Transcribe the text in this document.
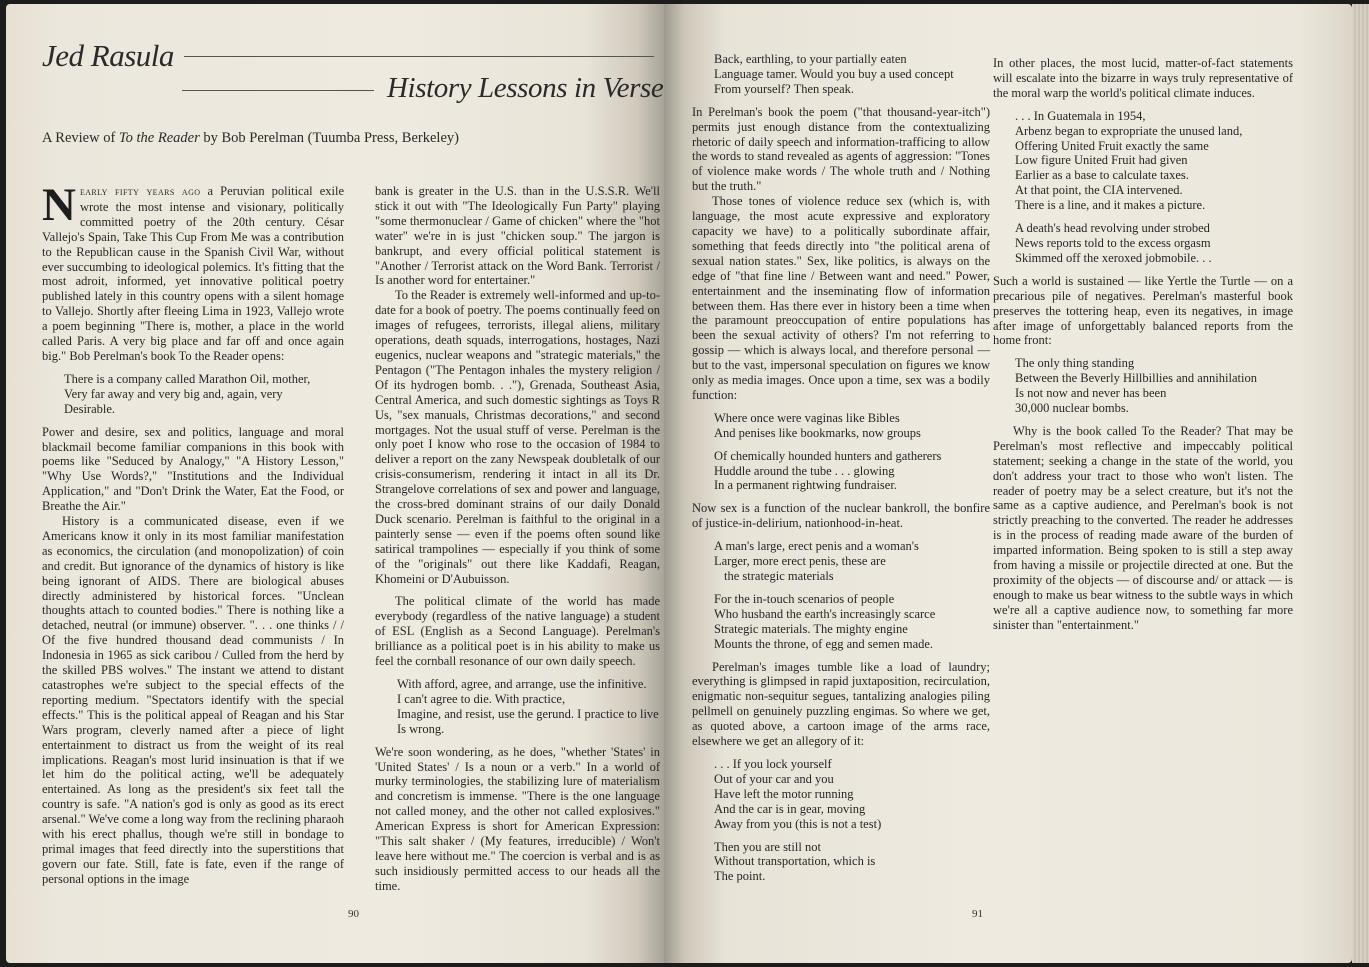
Jed Rasula
History Lessons in Verse
A Review of To the Reader by Bob Perelman (Tuumba Press, Berkeley)

Nearly fifty years ago a Peruvian political exile wrote the most intense and visionary, politically committed poetry of the 20th century. César Vallejo's Spain, Take This Cup From Me was a contribution to the Republican cause in the Spanish Civil War, without ever succumbing to ideological polemics. It's fitting that the most adroit, informed, yet innovative political poetry published lately in this country opens with a silent homage to Vallejo. Shortly after fleeing Lima in 1923, Vallejo wrote a poem beginning "There is, mother, a place in the world called Paris. A very big place and far off and once again big." Bob Perelman's book To the Reader opens:

There is a company called Marathon Oil, mother,
Very far away and very big and, again, very
Desirable.

Power and desire, sex and politics, language and moral blackmail become familiar companions in this book with poems like "Seduced by Analogy," "A History Lesson," "Why Use Words?," "Institutions and the Individual Application," and "Don't Drink the Water, Eat the Food, or Breathe the Air."

History is a communicated disease, even if we Americans know it only in its most familiar manifestation as economics, the circulation (and monopolization) of coin and credit. But ignorance of the dynamics of history is like being ignorant of AIDS. There are biological abuses directly administered by historical forces. "Unclean thoughts attach to counted bodies." There is nothing like a detached, neutral (or immune) observer. ". . . one thinks / / Of the five hundred thousand dead communists / In Indonesia in 1965 as sick caribou / Culled from the herd by the skilled PBS wolves." The instant we attend to distant catastrophes we're subject to the special effects of the reporting medium. "Spectators identify with the special effects." This is the political appeal of Reagan and his Star Wars program, cleverly named after a piece of light entertainment to distract us from the weight of its real implications. Reagan's most lurid insinuation is that if we let him do the political acting, we'll be adequately entertained. As long as the president's six feet tall the country is safe. "A nation's god is only as good as its erect arsenal." We've come a long way from the reclining pharaoh with his erect phallus, though we're still in bondage to primal images that feed directly into the superstitions that govern our fate. Still, fate is fate, even if the range of personal options in the image

bank is greater in the U.S. than in the U.S.S.R. We'll stick it out with "The Ideologically Fun Party" playing "some thermonuclear / Game of chicken" where the "hot water" we're in is just "chicken soup." The jargon is bankrupt, and every official political statement is "Another / Terrorist attack on the Word Bank. Terrorist / Is another word for entertainer."

To the Reader is extremely well-informed and up-to-date for a book of poetry. The poems continually feed on images of refugees, terrorists, illegal aliens, military operations, death squads, interrogations, hostages, Nazi eugenics, nuclear weapons and "strategic materials," the Pentagon ("The Pentagon inhales the mystery religion / Of its hydrogen bomb. . ."), Grenada, Southeast Asia, Central America, and such domestic sightings as Toys R Us, "sex manuals, Christmas decorations," and second mortgages. Not the usual stuff of verse. Perelman is the only poet I know who rose to the occasion of 1984 to deliver a report on the zany Newspeak doubletalk of our crisis-consumerism, rendering it intact in all its Dr. Strangelove correlations of sex and power and language, the cross-bred dominant strains of our daily Donald Duck scenario. Perelman is faithful to the original in a painterly sense — even if the poems often sound like satirical trampolines — especially if you think of some of the "originals" out there like Kaddafi, Reagan, Khomeini or D'Aubuisson.

The political climate of the world has made everybody (regardless of the native language) a student of ESL (English as a Second Language). Perelman's brilliance as a political poet is in his ability to make us feel the cornball resonance of our own daily speech.

With afford, agree, and arrange, use the infinitive.
I can't agree to die. With practice,
Imagine, and resist, use the gerund. I practice to live
Is wrong.

We're soon wondering, as he does, "whether 'States' in 'United States' / Is a noun or a verb." In a world of murky terminologies, the stabilizing lure of materialism and concretism is immense. "There is the one language not called money, and the other not called explosives." American Express is short for American Expression: "This salt shaker / (My features, irreducible) / Won't leave here without me." The coercion is verbal and is as such insidiously permitted access to our heads all the time.

90
Back, earthling, to your partially eaten
Language tamer. Would you buy a used concept
From yourself? Then speak.

In Perelman's book the poem ("that thousand-year-itch") permits just enough distance from the contextualizing rhetoric of daily speech and information-trafficing to allow the words to stand revealed as agents of aggression: "Tones of violence make words / The whole truth and / Nothing but the truth."

Those tones of violence reduce sex (which is, with language, the most acute expressive and exploratory capacity we have) to a politically subordinate affair, something that feeds directly into "the political arena of sexual nation states." Sex, like politics, is always on the edge of "that fine line / Between want and need." Power, entertainment and the inseminating flow of information between them. Has there ever in history been a time when the paramount preoccupation of entire populations has been the sexual activity of others? I'm not referring to gossip — which is always local, and therefore personal — but to the vast, impersonal speculation on figures we know only as media images. Once upon a time, sex was a bodily function:

Where once were vaginas like Bibles
And penises like bookmarks, now groups
Of chemically hounded hunters and gatherers
Huddle around the tube . . . glowing
In a permanent rightwing fundraiser.

Now sex is a function of the nuclear bankroll, the bonfire of justice-in-delirium, nationhood-in-heat.

A man's large, erect penis and a woman's
Larger, more erect penis, these are
the strategic materials
For the in-touch scenarios of people
Who husband the earth's increasingly scarce
Strategic materials. The mighty engine
Mounts the throne, of egg and semen made.

Perelman's images tumble like a load of laundry; everything is glimpsed in rapid juxtaposition, recirculation, enigmatic non-sequitur segues, tantalizing analogies piling pellmell on genuinely puzzling engimas. So where we get, as quoted above, a cartoon image of the arms race, elsewhere we get an allegory of it:

. . . If you lock yourself
Out of your car and you
Have left the motor running
And the car is in gear, moving
Away from you (this is not a test)
Then you are still not
Without transportation, which is
The point.

In other places, the most lucid, matter-of-fact statements will escalate into the bizarre in ways truly representative of the moral warp the world's political climate induces.

. . . In Guatemala in 1954,
Arbenz began to expropriate the unused land,
Offering United Fruit exactly the same
Low figure United Fruit had given
Earlier as a base to calculate taxes.
At that point, the CIA intervened.
There is a line, and it makes a picture.
A death's head revolving under strobed
News reports told to the excess orgasm
Skimmed off the xeroxed jobmobile. . .

Such a world is sustained — like Yertle the Turtle — on a precarious pile of negatives. Perelman's masterful book preserves the tottering heap, even its negatives, in image after image of unforgettably balanced reports from the home front:

The only thing standing
Between the Beverly Hillbillies and annihilation
Is not now and never has been
30,000 nuclear bombs.

Why is the book called To the Reader? That may be Perelman's most reflective and impeccably political statement; seeking a change in the state of the world, you don't address your tract to those who won't listen. The reader of poetry may be a select creature, but it's not the same as a captive audience, and Perelman's book is not strictly preaching to the converted. The reader he addresses is in the process of reading made aware of the burden of imparted information. Being spoken to is still a step away from having a missile or projectile directed at one. But the proximity of the objects — of discourse and/ or attack — is enough to make us bear witness to the subtle ways in which we're all a captive audience now, to something far more sinister than "entertainment."

91
